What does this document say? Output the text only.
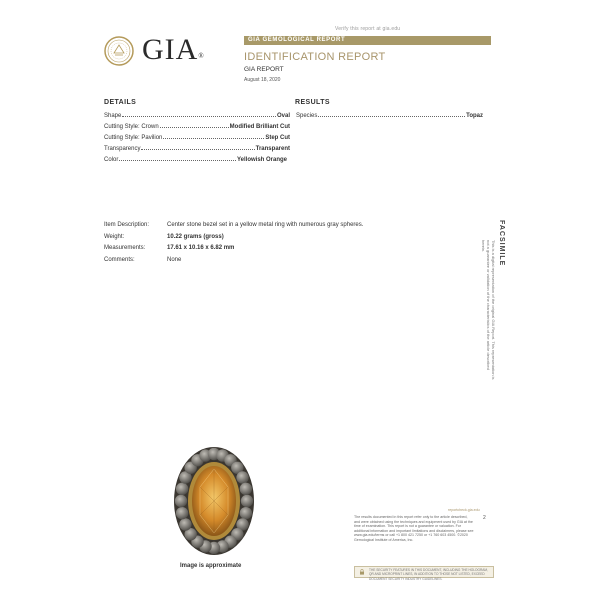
Verify this report at gia.edu
GIA®
GIA GEMOLOGICAL REPORT
IDENTIFICATION REPORT
GIA REPORT
August 18, 2020
DETAILS
Shape	Oval
Cutting Style: Crown	Modified Brilliant Cut
Cutting Style: Pavilion	Step Cut
Transparency	Transparent
Color	Yellowish Orange
RESULTS
Species	Topaz
Item Description:	Center stone bezel set in a yellow metal ring with numerous gray spheres.
Weight:	10.22 grams (gross)
Measurements:	17.61 x 10.16 x 6.82 mm
Comments:	None	FACSIMILE
This is a digital representation of the original GIA Report. This representation is not a guarantee or validation of the characteristics of the article described herein.
Image is approximate
reportcheck.gia.edu
2
The results documented in this report refer only to the article described, and were obtained using the techniques and equipment used by GIA at the time of examination. This report is not a guarantee or valuation. For additional information and important limitations and disclaimers, please see www.gia.edu/terms or call +1 800 421 7250 or +1 760 603 4500. ©2020 Gemological Institute of America, Inc.
THE SECURITY FEATURES IN THIS DOCUMENT, INCLUDING THE HOLOGRAM, QR AND MICROPRINT LINES, IN ADDITION TO THOSE NOT LISTED, EXCEED DOCUMENT SECURITY INDUSTRY GUIDELINES.
